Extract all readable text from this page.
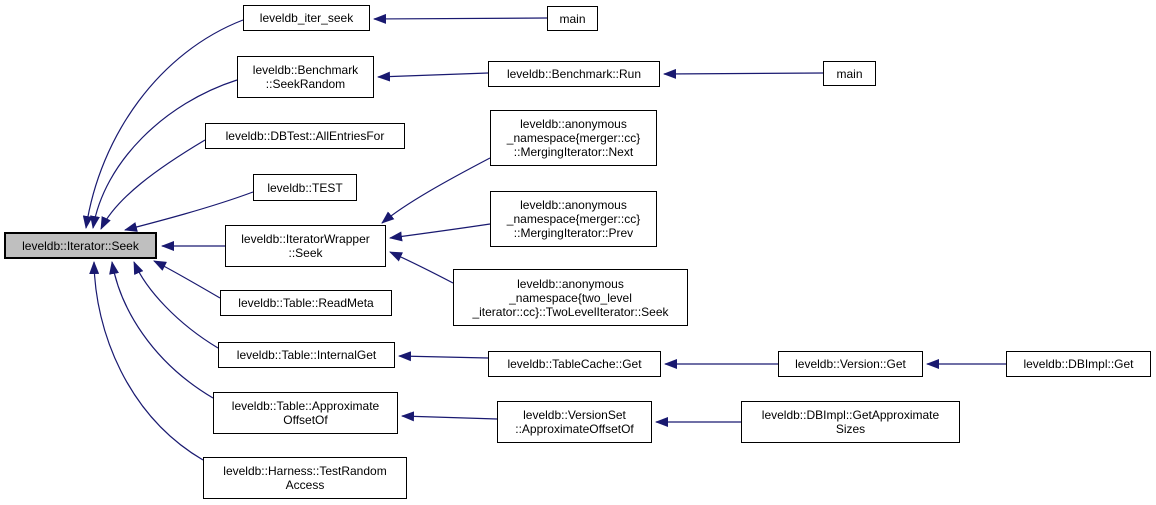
leveldb::Iterator::Seek
leveldb_iter_seek	main
leveldb::Benchmark
::SeekRandom
leveldb::Benchmark::Run	main
leveldb::DBTest::AllEntriesFor
leveldb::anonymous
_namespace{merger::cc}
::MergingIterator::Next
leveldb::TEST
leveldb::anonymous
_namespace{merger::cc}
::MergingIterator::Prev
leveldb::IteratorWrapper
::Seek
leveldb::Table::ReadMeta
leveldb::anonymous
_namespace{two_level
_iterator::cc}::TwoLevelIterator::Seek
leveldb::Table::InternalGet
leveldb::TableCache::Get	leveldb::Version::Get	leveldb::DBImpl::Get
leveldb::Table::Approximate
OffsetOf	leveldb::VersionSet
::ApproximateOffsetOf
leveldb::DBImpl::GetApproximate
Sizes
leveldb::Harness::TestRandom
Access
